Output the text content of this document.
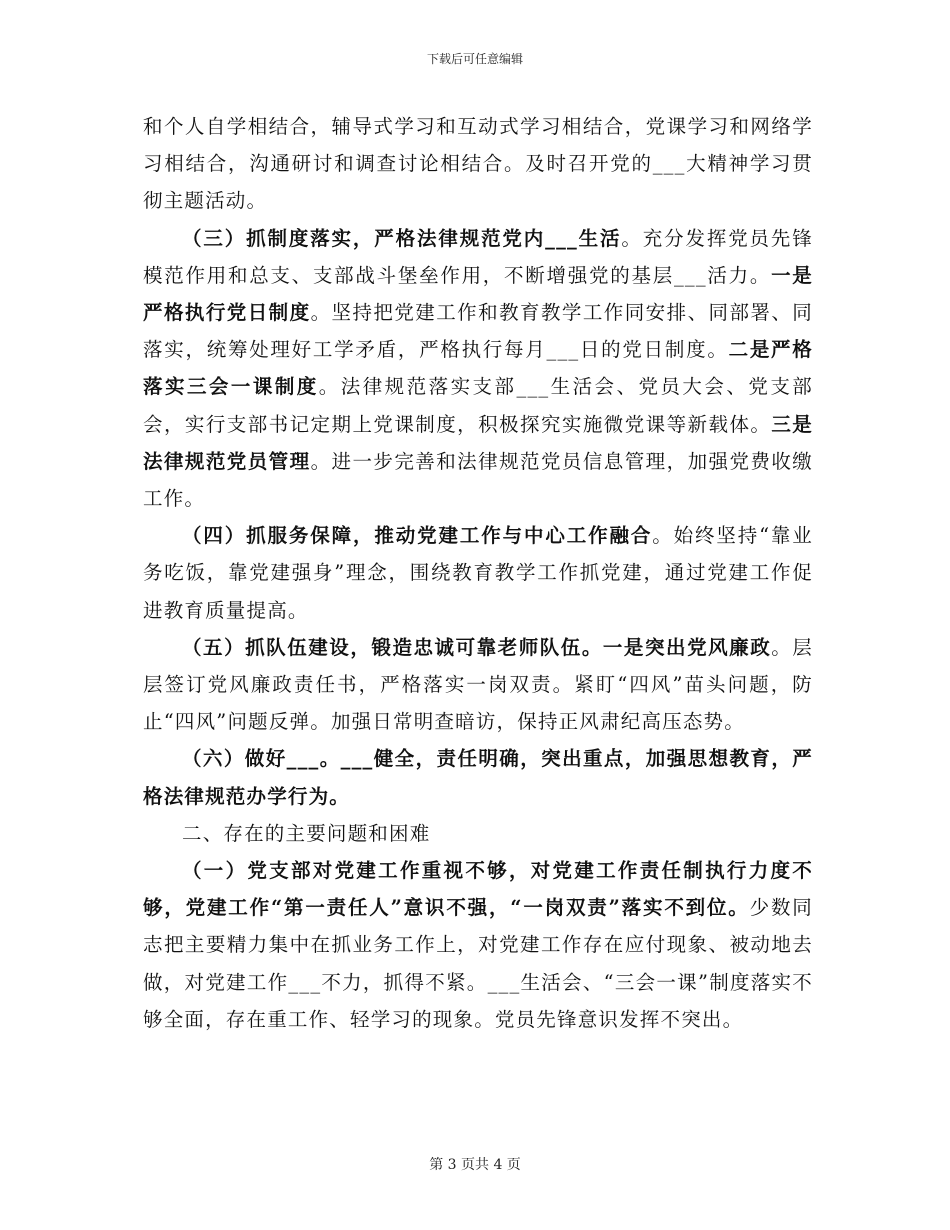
下载后可任意编辑

和个人自学相结合，辅导式学习和互动式学习相结合，党课学习和网络学习相结合，沟通研讨和调查讨论相结合。及时召开党的___大精神学习贯彻主题活动。

（三）抓制度落实，严格法律规范党内___生活。充分发挥党员先锋模范作用和总支、支部战斗堡垒作用，不断增强党的基层___活力。一是严格执行党日制度。坚持把党建工作和教育教学工作同安排、同部署、同落实，统筹处理好工学矛盾，严格执行每月___日的党日制度。二是严格落实三会一课制度。法律规范落实支部___生活会、党员大会、党支部会，实行支部书记定期上党课制度，积极探究实施微党课等新载体。三是法律规范党员管理。进一步完善和法律规范党员信息管理，加强党费收缴工作。

（四）抓服务保障，推动党建工作与中心工作融合。始终坚持“靠业务吃饭，靠党建强身”理念，围绕教育教学工作抓党建，通过党建工作促进教育质量提高。

（五）抓队伍建设，锻造忠诚可靠老师队伍。一是突出党风廉政。层层签订党风廉政责任书，严格落实一岗双责。紧盯“四风”苗头问题，防止“四风”问题反弹。加强日常明查暗访，保持正风肃纪高压态势。

（六）做好___。___健全，责任明确，突出重点，加强思想教育，严格法律规范办学行为。

二、存在的主要问题和困难

（一）党支部对党建工作重视不够，对党建工作责任制执行力度不够，党建工作“第一责任人”意识不强，“一岗双责”落实不到位。少数同志把主要精力集中在抓业务工作上，对党建工作存在应付现象、被动地去做，对党建工作___不力，抓得不紧。___生活会、“三会一课”制度落实不够全面，存在重工作、轻学习的现象。党员先锋意识发挥不突出。

第 3 页共 4 页
